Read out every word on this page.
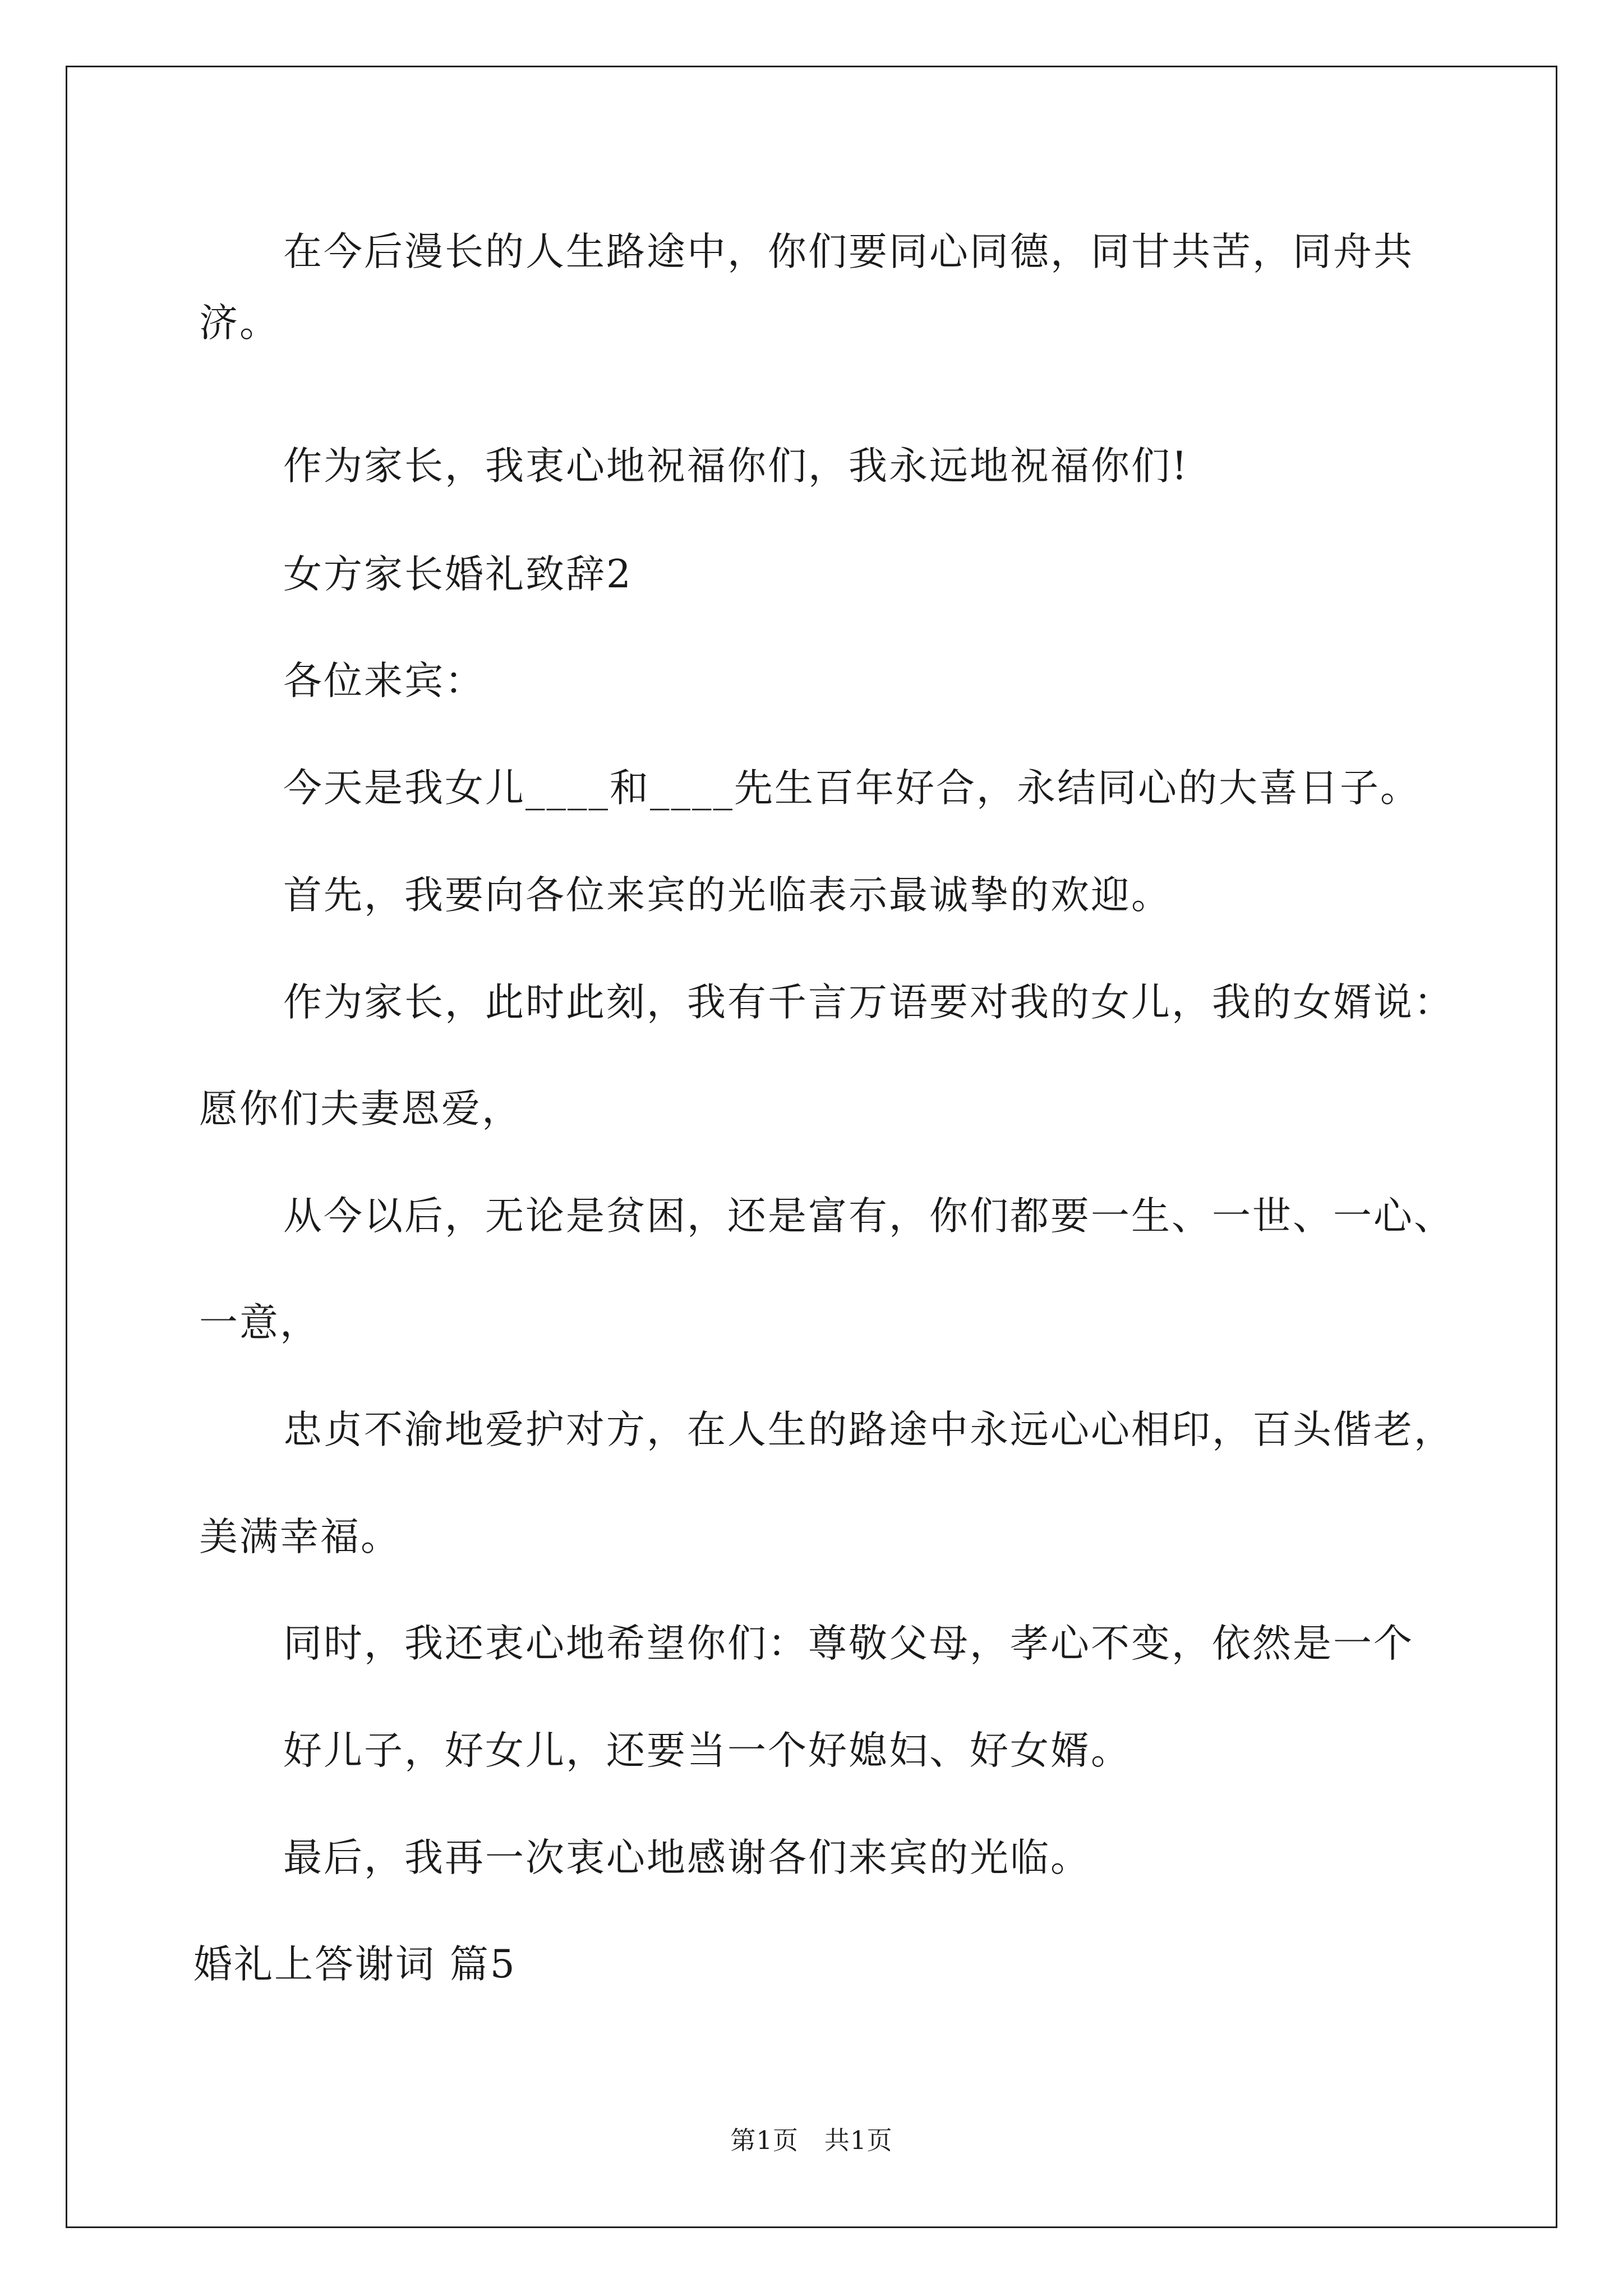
在今后漫长的人生路途中，你们要同心同德，同甘共苦，同舟共
济。
作为家长，我衷心地祝福你们，我永远地祝福你们!
女方家长婚礼致辞2
各位来宾：
今天是我女儿____和____先生百年好合，永结同心的大喜日子。
首先，我要向各位来宾的光临表示最诚挚的欢迎。
作为家长，此时此刻，我有千言万语要对我的女儿，我的女婿说：
愿你们夫妻恩爱，
从今以后，无论是贫困，还是富有，你们都要一生、一世、一心、
一意，
忠贞不渝地爱护对方，在人生的路途中永远心心相印，百头偕老，
美满幸福。
同时，我还衷心地希望你们：尊敬父母，孝心不变，依然是一个
好儿子，好女儿，还要当一个好媳妇、好女婿。
最后，我再一次衷心地感谢各们来宾的光临。
婚礼上答谢词 篇5
第1页　共1页
